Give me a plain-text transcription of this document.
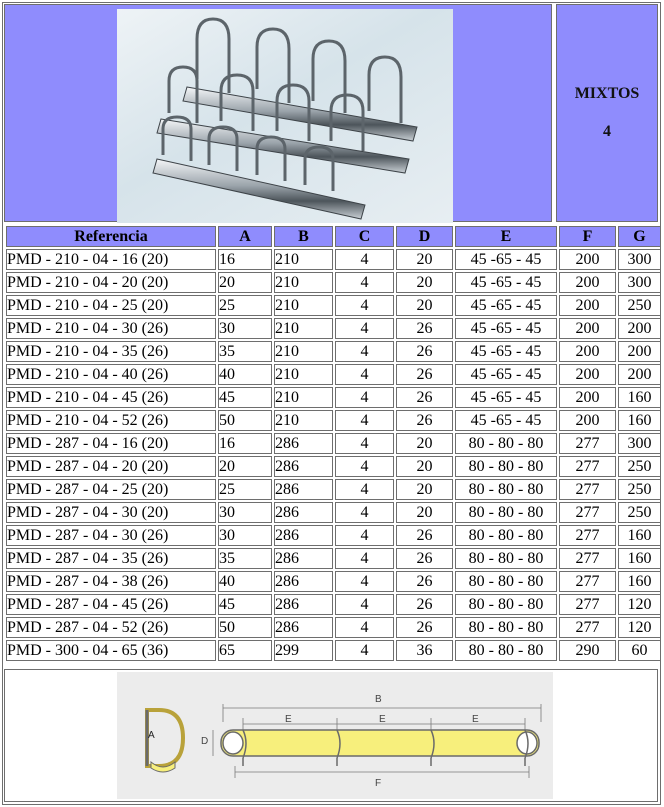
MIXTOS
4
Referencia	A	B	C	D	E	F	G
PMD - 210 - 04 - 16 (20)	16	210	4	20	45 -65 - 45	200	300
PMD - 210 - 04 - 20 (20)	20	210	4	20	45 -65 - 45	200	300
PMD - 210 - 04 - 25 (20)	25	210	4	20	45 -65 - 45	200	250
PMD - 210 - 04 - 30 (26)	30	210	4	26	45 -65 - 45	200	200
PMD - 210 - 04 - 35 (26)	35	210	4	26	45 -65 - 45	200	200
PMD - 210 - 04 - 40 (26)	40	210	4	26	45 -65 - 45	200	200
PMD - 210 - 04 - 45 (26)	45	210	4	26	45 -65 - 45	200	160
PMD - 210 - 04 - 52 (26)	50	210	4	26	45 -65 - 45	200	160
PMD - 287 - 04 - 16 (20)	16	286	4	20	80 - 80 - 80	277	300
PMD - 287 - 04 - 20 (20)	20	286	4	20	80 - 80 - 80	277	250
PMD - 287 - 04 - 25 (20)	25	286	4	20	80 - 80 - 80	277	250
PMD - 287 - 04 - 30 (20)	30	286	4	20	80 - 80 - 80	277	250
PMD - 287 - 04 - 30 (26)	30	286	4	26	80 - 80 - 80	277	160
PMD - 287 - 04 - 35 (26)	35	286	4	26	80 - 80 - 80	277	160
PMD - 287 - 04 - 38 (26)	40	286	4	26	80 - 80 - 80	277	160
PMD - 287 - 04 - 45 (26)	45	286	4	26	80 - 80 - 80	277	120
PMD - 287 - 04 - 52 (26)	50	286	4	26	80 - 80 - 80	277	120
PMD - 300 - 04 - 65 (36)	65	299	4	36	80 - 80 - 80	290	60
A
B
E	E	E
D
F
